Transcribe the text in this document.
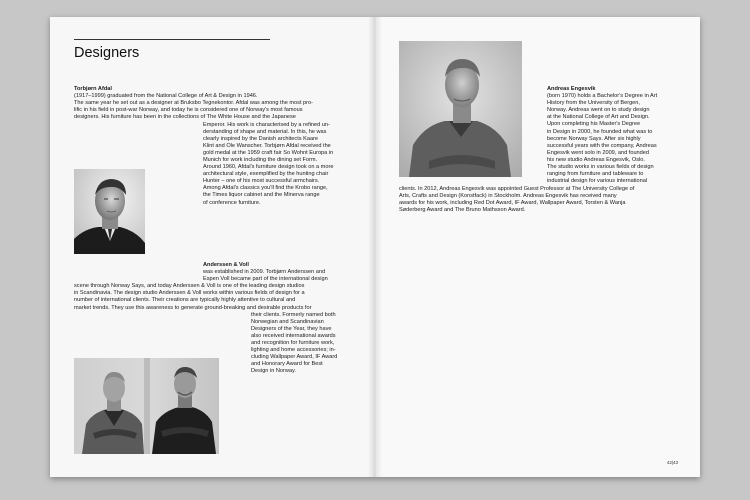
Designers

Torbjørn Afdal

(1917–1999) graduated from the National College of Art & Design in 1946.

The same year he set out as a designer at Bruksbo Tegnekontor. Afdal was among the most pro-

lific in his field in post-war Norway, and today he is considered one of Norway's most famous

designers. His furniture has been in the collections of The White House and the Japanese

Emperor. His work is characterised by a refined un-

derstanding of shape and material. In this, he was

clearly inspired by the Danish architects Kaare

Klint and Ole Wanscher. Torbjørn Afdal received the

gold medal at the 1959 craft fair So Wohnt Europa in

Munich for work including the dining set Form.

Around 1960, Afdal's furniture design took on a more

architectural style, exemplified by the hunting chair

Hunter – one of his most successful armchairs.

Among Afdal's classics you'll find the Krobo range,

the Times liquor cabinet and the Minerva range

of conference furniture.

Anderssen & Voll

was established in 2009. Torbjørn Anderssen and

Espen Voll became part of the international design

scene through Norway Says, and today Anderssen & Voll is one of the leading design studios

in Scandinavia. The design studio Anderssen & Voll works within various fields of design for a

number of international clients. Their creations are typically highly attentive to cultural and

market trends. They use this awareness to generate ground-breaking and desirable products for

their clients. Formerly named both

Norwegian and Scandinavian

Designers of the Year, they have

also received international awards

and recognition for furniture work,

lighting and home accessories; in-

cluding Wallpaper Award, IF Award

and Honorary Award for Best

Design in Norway.

Andreas Engesvik

(born 1970) holds a Bachelor's Degree in Art

History from the University of Bergen,

Norway. Andreas went on to study design

at the National College of Art and Design.

Upon completing his Master's Degree

in Design in 2000, he founded what was to

become Norway Says. After six highly

successful years with the company, Andreas

Engesvik went solo in 2009, and founded

his new studio Andreas Engesvik, Oslo.

The studio works in various fields of design

ranging from furniture and tableware to

industrial design for various international

clients. In 2012, Andreas Engesvik was appointed Guest Professor at The University College of

Arts, Crafts and Design (Konstfack) in Stockholm. Andreas Engesvik has received many

awards for his work, including Red Dot Award, IF Award, Wallpaper Award, Torsten & Wanja

Søderberg Award and The Bruno Mathsson Award.

42|43
